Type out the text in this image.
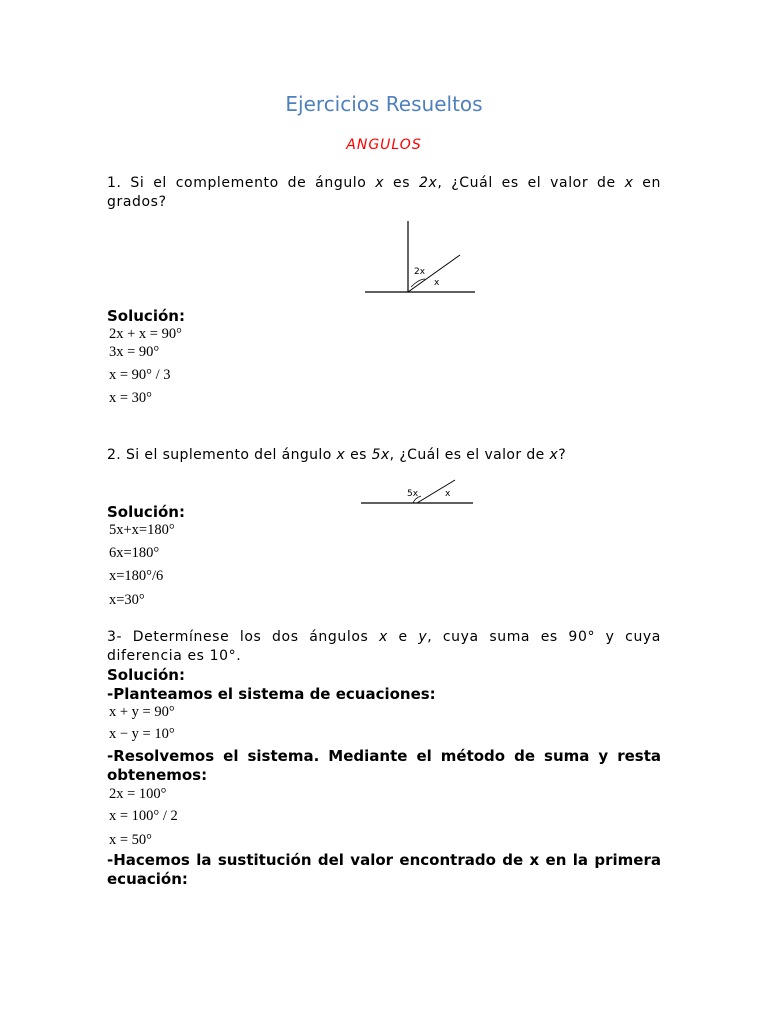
Ejercicios Resueltos
ANGULOS
1. Si el complemento de ángulo x es 2x, ¿Cuál es el valor de x en grados?
2x
x
Solución:
2x + x = 90°
3x = 90°
x = 90° / 3
x = 30°
2. Si el suplemento del ángulo x es 5x, ¿Cuál es el valor de x?
5x	x
Solución:
5x+x=180°
6x=180°
x=180°/6
x=30°
3- Determínese los dos ángulos x e y, cuya suma es 90° y cuya diferencia es 10°.
Solución:
-Planteamos el sistema de ecuaciones:
x + y = 90°
x − y = 10°
-Resolvemos el sistema. Mediante el método de suma y resta obtenemos:
2x = 100°
x = 100° / 2
x = 50°
-Hacemos la sustitución del valor encontrado de x en la primera ecuación:
